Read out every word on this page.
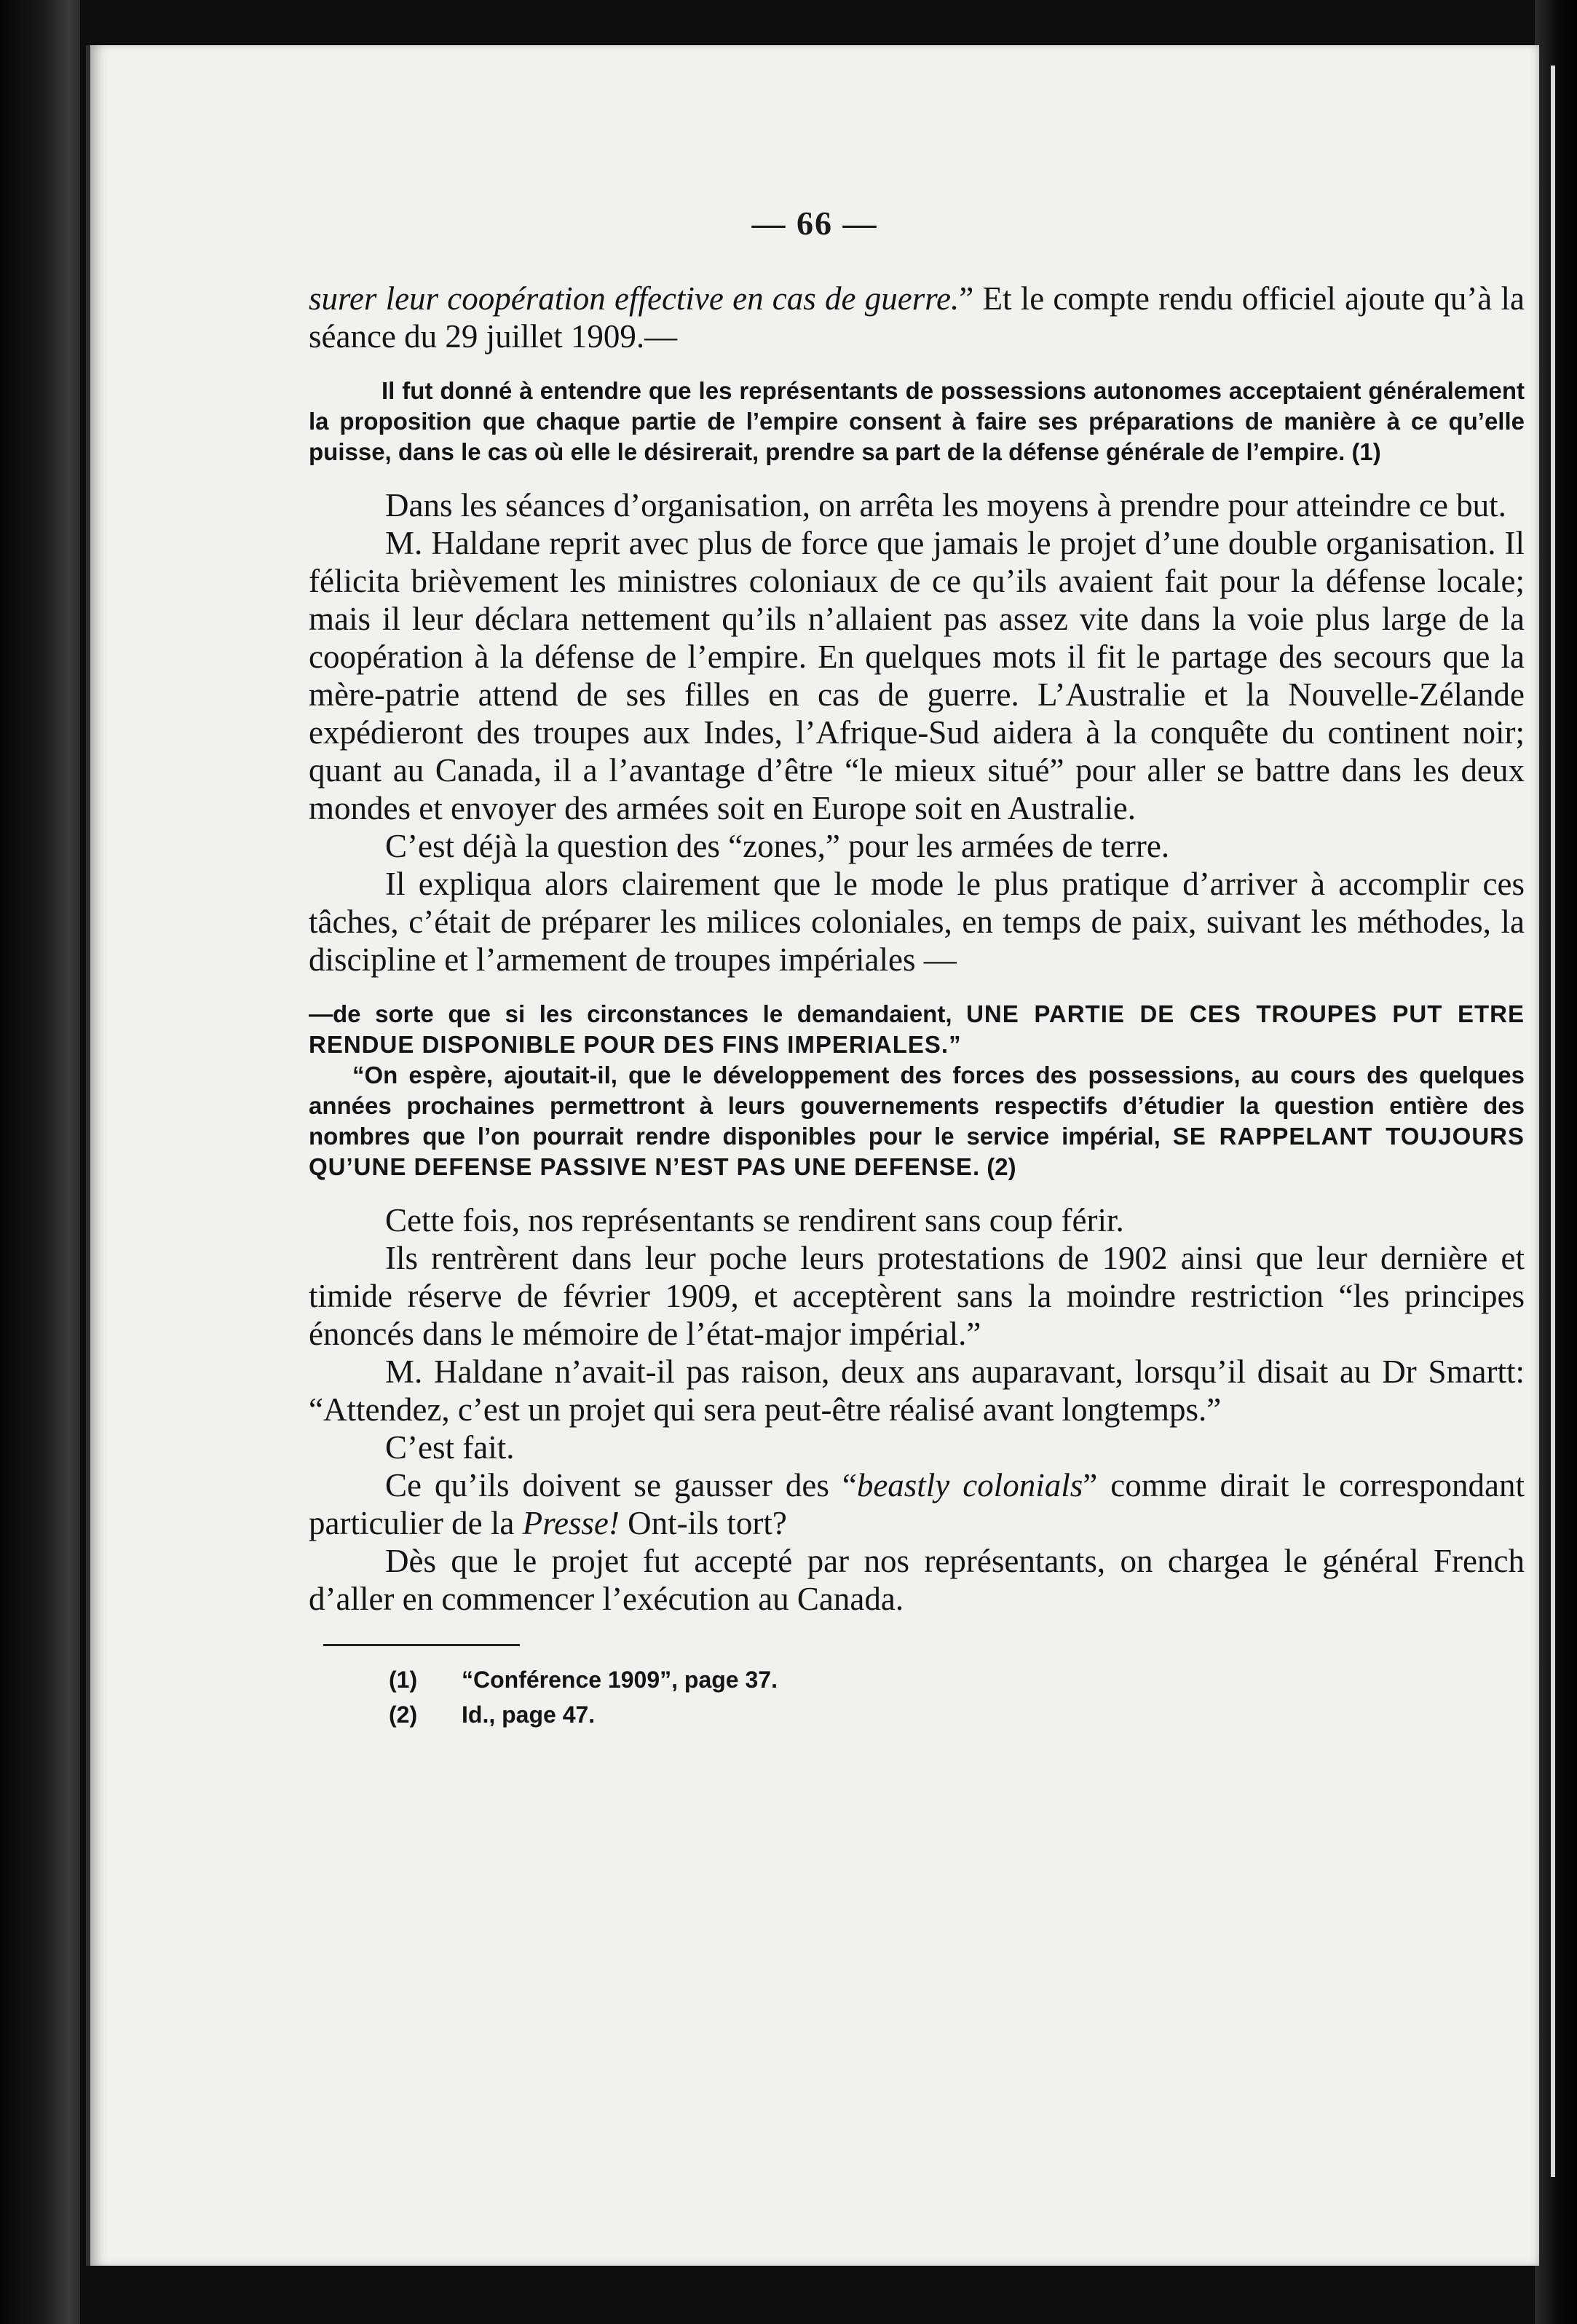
— 66 —

surer leur coopération effective en cas de guerre.” Et le compte rendu officiel ajoute qu’à la séance du 29 juillet 1909.—

Il fut donné à entendre que les représentants de possessions autonomes acceptaient généralement la proposition que chaque partie de l’empire consent à faire ses préparations de manière à ce qu’elle puisse, dans le cas où elle le désirerait, prendre sa part de la défense générale de l’empire. (1)

Dans les séances d’organisation, on arrêta les moyens à prendre pour atteindre ce but.

M. Haldane reprit avec plus de force que jamais le projet d’une double organisation. Il félicita brièvement les ministres coloniaux de ce qu’ils avaient fait pour la défense locale; mais il leur déclara nettement qu’ils n’allaient pas assez vite dans la voie plus large de la coopération à la défense de l’empire. En quelques mots il fit le partage des secours que la mère-patrie attend de ses filles en cas de guerre. L’Australie et la Nouvelle-Zélande expédieront des troupes aux Indes, l’Afrique-Sud aidera à la conquête du continent noir; quant au Canada, il a l’avantage d’être “le mieux situé” pour aller se battre dans les deux mondes et envoyer des armées soit en Europe soit en Australie.

C’est déjà la question des “zones,” pour les armées de terre.

Il expliqua alors clairement que le mode le plus pratique d’arriver à accomplir ces tâches, c’était de préparer les milices coloniales, en temps de paix, suivant les méthodes, la discipline et l’armement de troupes impériales —

—de sorte que si les circonstances le demandaient, UNE PARTIE DE CES TROUPES PUT ETRE RENDUE DISPONIBLE POUR DES FINS IMPERIALES.”

“On espère, ajoutait-il, que le développement des forces des possessions, au cours des quelques années prochaines permettront à leurs gouvernements respectifs d’étudier la question entière des nombres que l’on pourrait rendre disponibles pour le service impérial, SE RAPPELANT TOUJOURS QU’UNE DEFENSE PASSIVE N’EST PAS UNE DEFENSE. (2)

Cette fois, nos représentants se rendirent sans coup férir.

Ils rentrèrent dans leur poche leurs protestations de 1902 ainsi que leur dernière et timide réserve de février 1909, et acceptèrent sans la moindre restriction “les principes énoncés dans le mémoire de l’état-major impérial.”

M. Haldane n’avait-il pas raison, deux ans auparavant, lorsqu’il disait au Dr Smartt: “Attendez, c’est un projet qui sera peut-être réalisé avant longtemps.”

C’est fait.

Ce qu’ils doivent se gausser des “beastly colonials” comme dirait le correspondant particulier de la Presse! Ont-ils tort?

Dès que le projet fut accepté par nos représentants, on chargea le général French d’aller en commencer l’exécution au Canada.

(1) “Conférence 1909”, page 37.

(2) Id., page 47.
